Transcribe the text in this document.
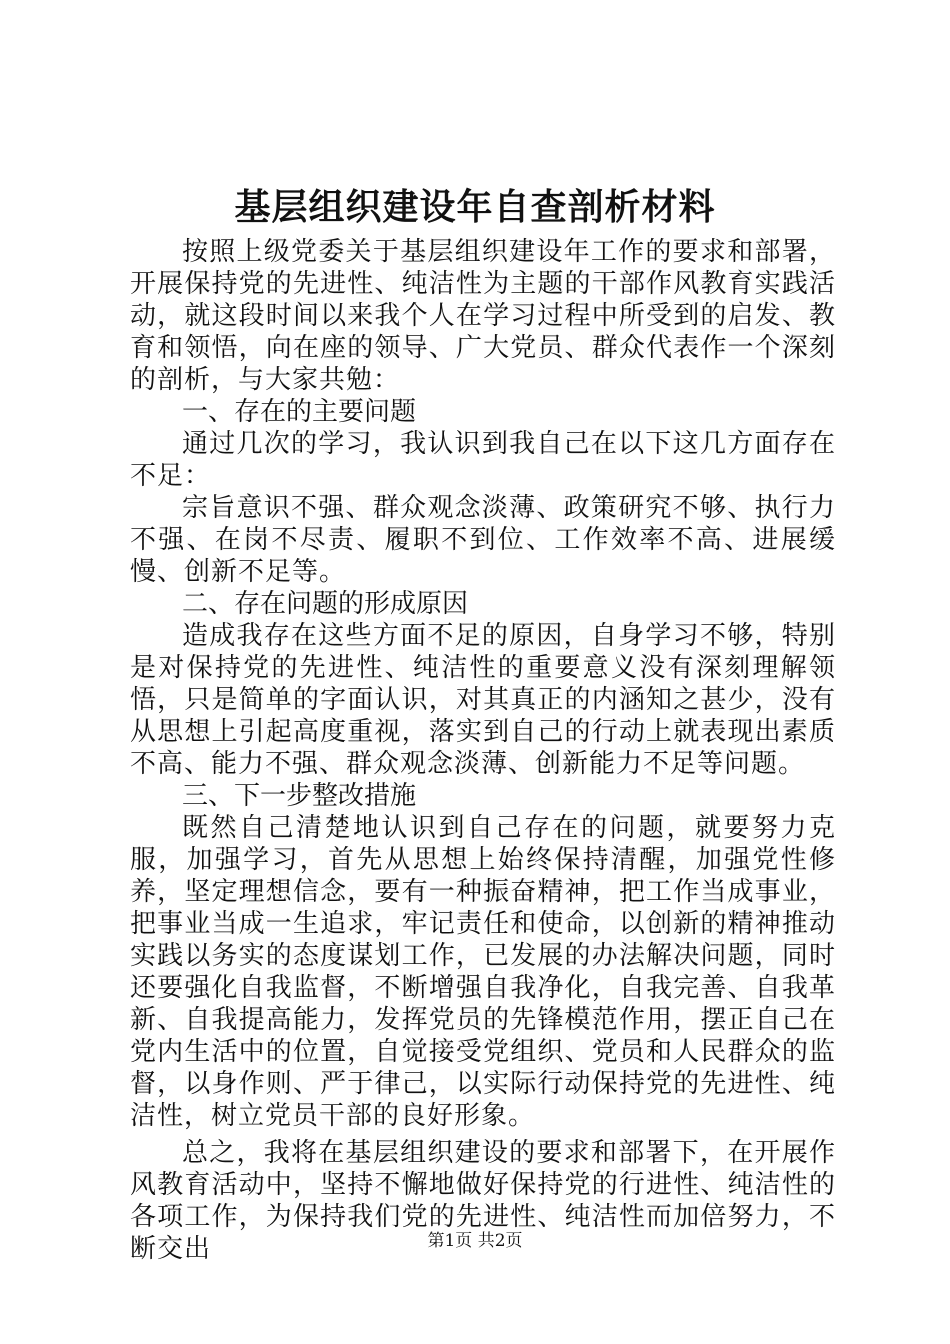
基层组织建设年自查剖析材料

按照上级党委关于基层组织建设年工作的要求和部署，开展保持党的先进性、纯洁性为主题的干部作风教育实践活动，就这段时间以来我个人在学习过程中所受到的启发、教育和领悟，向在座的领导、广大党员、群众代表作一个深刻的剖析，与大家共勉：

一、存在的主要问题

通过几次的学习，我认识到我自己在以下这几方面存在不足：

宗旨意识不强、群众观念淡薄、政策研究不够、执行力不强、在岗不尽责、履职不到位、工作效率不高、进展缓慢、创新不足等。

二、存在问题的形成原因

造成我存在这些方面不足的原因，自身学习不够，特别是对保持党的先进性、纯洁性的重要意义没有深刻理解领悟，只是简单的字面认识，对其真正的内涵知之甚少，没有从思想上引起高度重视，落实到自己的行动上就表现出素质不高、能力不强、群众观念淡薄、创新能力不足等问题。

三、下一步整改措施

既然自己清楚地认识到自己存在的问题，就要努力克服，加强学习，首先从思想上始终保持清醒，加强党性修养，坚定理想信念，要有一种振奋精神，把工作当成事业，把事业当成一生追求，牢记责任和使命，以创新的精神推动实践以务实的态度谋划工作，已发展的办法解决问题，同时还要强化自我监督，不断增强自我净化，自我完善、自我革新、自我提高能力，发挥党员的先锋模范作用，摆正自己在党内生活中的位置，自觉接受党组织、党员和人民群众的监督，以身作则、严于律己，以实际行动保持党的先进性、纯洁性，树立党员干部的良好形象。

总之，我将在基层组织建设的要求和部署下，在开展作风教育活动中，坚持不懈地做好保持党的行进性、纯洁性的各项工作，为保持我们党的先进性、纯洁性而加倍努力，不断交出	第1页 共2页
